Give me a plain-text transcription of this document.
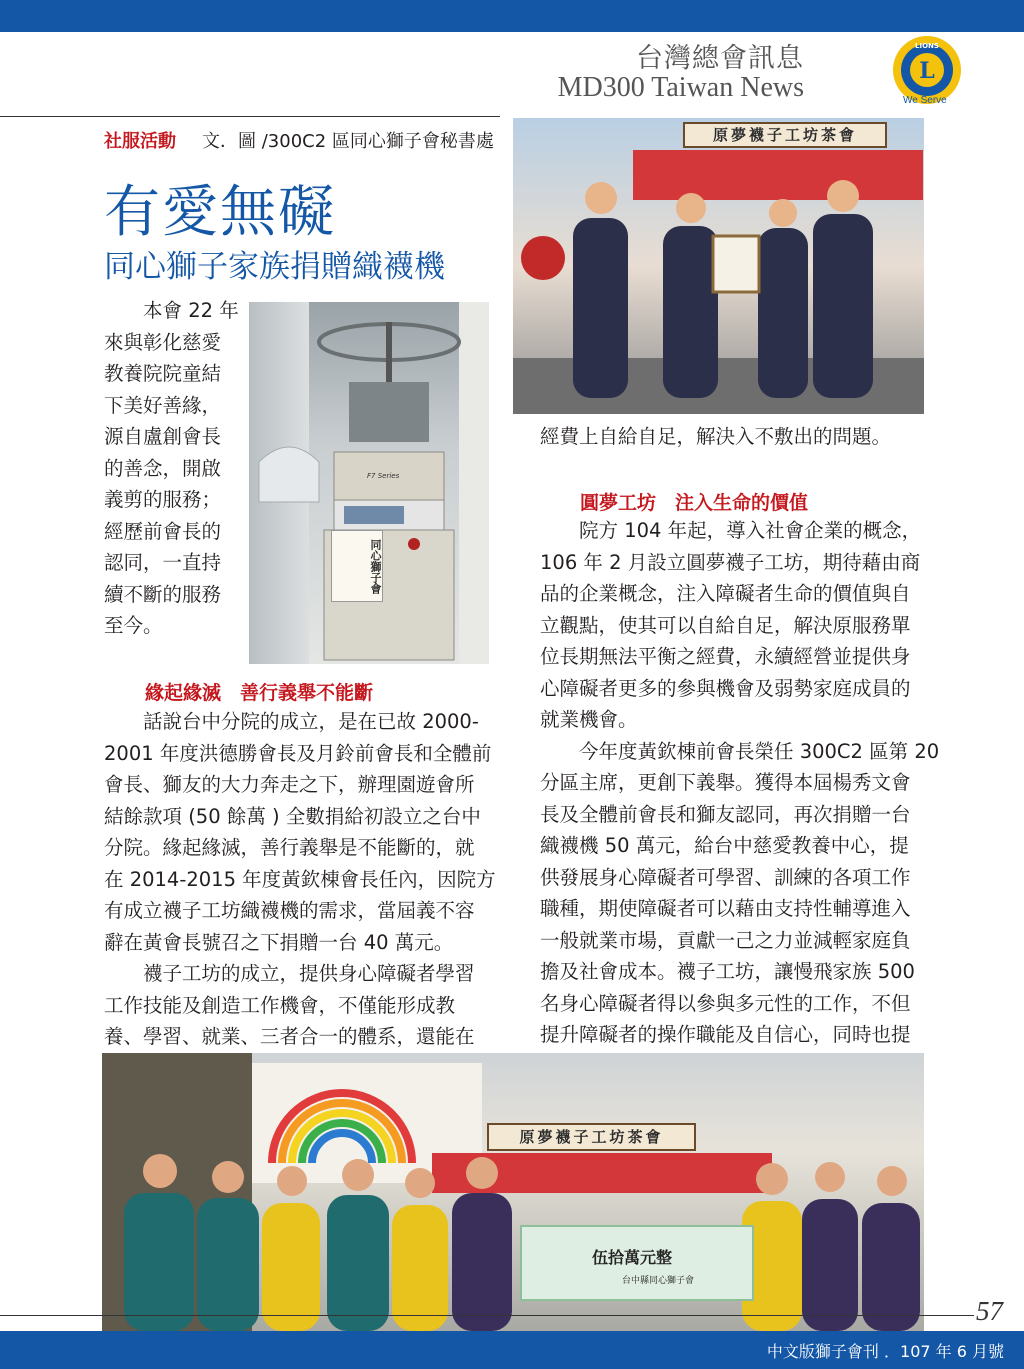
台灣總會訊息
MD300 Taiwan News
L
LIONS
We Serve
社服活動 文．圖 /300C2 區同心獅子會秘書處
有愛無礙
同心獅子家族捐贈織襪機
本會 22 年
來與彰化慈愛
教養院院童結
下美好善緣，
源自盧創會長
的善念，開啟
義剪的服務；
經歷前會長的
認同，一直持
續不斷的服務
至今。
同心獅子會
F7 Series
緣起緣滅　善行義舉不能斷
話說台中分院的成立，是在已故 2000-
2001 年度洪德勝會長及月鈴前會長和全體前
會長、獅友的大力奔走之下，辦理園遊會所
結餘款項 (50 餘萬 ) 全數捐給初設立之台中
分院。緣起緣滅，善行義舉是不能斷的，就
在 2014-2015 年度黃欽棟會長任內，因院方
有成立襪子工坊織襪機的需求，當屆義不容
辭在黃會長號召之下捐贈一台 40 萬元。
襪子工坊的成立，提供身心障礙者學習
工作技能及創造工作機會，不僅能形成教
養、學習、就業、三者合一的體系，還能在
原夢襪子工坊茶會
經費上自給自足，解決入不敷出的問題。
圓夢工坊　注入生命的價值
院方 104 年起，導入社會企業的概念，
106 年 2 月設立圓夢襪子工坊，期待藉由商
品的企業概念，注入障礙者生命的價值與自
立觀點，使其可以自給自足，解決原服務單
位長期無法平衡之經費，永續經營並提供身
心障礙者更多的參與機會及弱勢家庭成員的
就業機會。
今年度黃欽棟前會長榮任 300C2 區第 20
分區主席，更創下義舉。獲得本屆楊秀文會
長及全體前會長和獅友認同，再次捐贈一台
織襪機 50 萬元，給台中慈愛教養中心，提
供發展身心障礙者可學習、訓練的各項工作
職種，期使障礙者可以藉由支持性輔導進入
一般就業市場，貢獻一己之力並減輕家庭負
擔及社會成本。襪子工坊，讓慢飛家族 500
名身心障礙者得以參與多元性的工作，不但
提升障礙者的操作職能及自信心，同時也提
原夢襪子工坊茶會
伍拾萬元整
台中縣同心獅子會
57
中文版獅子會刊 ．107 年 6 月號
